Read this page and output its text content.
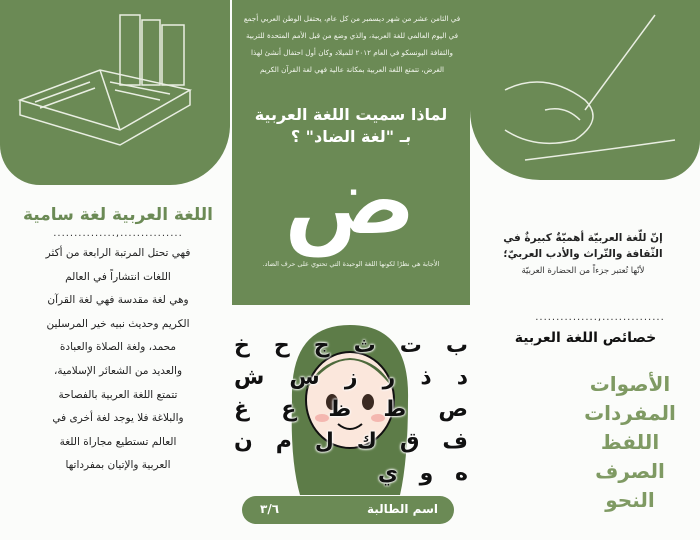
في الثامن عشر من شهر ديسمبر من كل عام، يحتفل الوطن العربي أجمع في اليوم العالمي للغة العربية، والذي وضع من قبل الأمم المتحدة للتربية والثقافة اليونسكو في العام ٢٠١٢ للميلاد وكان أول احتفال أنشئ لهذا الغرض، تتمتع اللغة العربية بمكانة عالية فهي لغة القرآن الكريم
لماذا سميت اللغة العربية
بـ "لغة الضاد" ؟
ض
الأجابة هي نظرًا لكونها اللغة الوحيدة التي تحتوي على حرف الضاد.
اللغة العربية لغة سامية
...............,...............
فهي تحتل المرتبة الرابعة من أكثر
اللغات انتشاراً في العالم
وهي لغة مقدسة فهي لغة القرآن
الكريم وحديث نبيه خير المرسلين
محمد، ولغة الصلاة والعبادة
والعديد من الشعائر الإسلامية،
تتمتع اللغة العربية بالفصاحة
والبلاغة فلا يوجد لغة أخرى في
العالم تستطيع مجاراة اللغة
العربية والإتيان بمفرداتها
ب ت ث ج ح خ د ذ ر ز س ش ص ط ظ ع غ ف ق ك ل م ن ه و ي
إنّ للّغة العربيّة أهميّةٌ كبيرةٌ في
الثّقافة والتّراث والأدب العربيّ؛
لأنّها تُعتبر جزءاً من الحضارة العربيّة
...............,...............
خصائص اللغة العربية
الأصوات
المفردات
اللفظ
الصرف
النحو
اسم الطالبة
٣/٦
